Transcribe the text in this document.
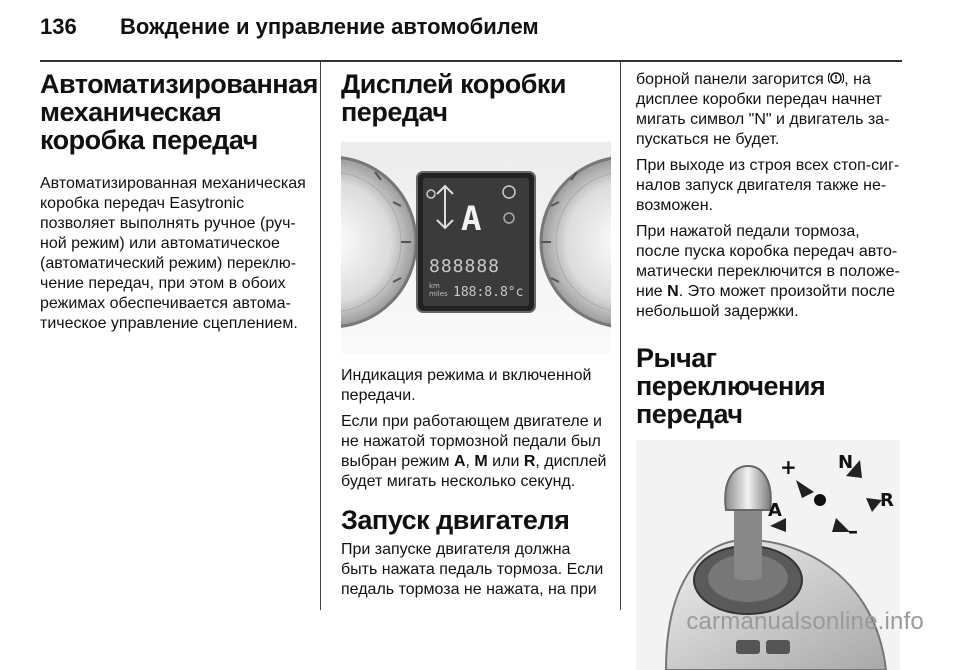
136 Вождение и управление автомобилем
Автоматизированная механическая коробка передач

Автоматизированная механическая коробка передач Easytronic позволяет выполнять ручное (ручной режим) или автоматическое (автоматический режим) переключение передач, при этом в обоих режимах обеспечивается автоматическое управление сцеплением.

Дисплей коробки передач
A
888888
km
miles 188:8.8°c

Индикация режима и включенной передачи.

Если при работающем двигателе и не нажатой тормозной педали был выбран режим A, M или R, дисплей будет мигать несколько секунд.

Запуск двигателя

При запуске двигателя должна быть нажата педаль тормоза. Если педаль тормоза не нажата, на при

борной панели загорится ! , на дисплее коробки передач начнет мигать символ "N" и двигатель запускаться не будет.

При выходе из строя всех стоп-сигналов запуск двигателя также невозможен.

При нажатой педали тормоза, после пуска коробка передач автоматически переключится в положение N. Это может произойти после небольшой задержки.

Рычаг переключения передач
+ N
R
A
–
carmanualsonline.info
